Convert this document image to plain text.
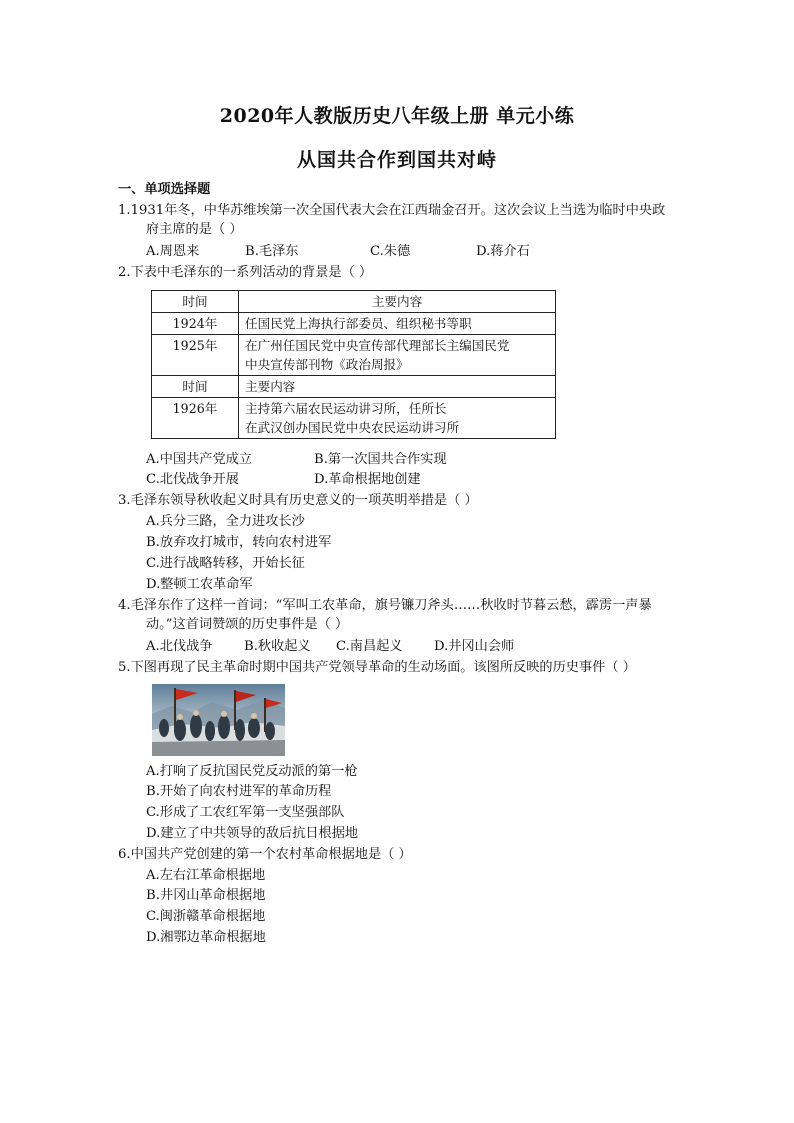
2020年人教版历史八年级上册 单元小练
从国共合作到国共对峙
一、单项选择题
1.1931年冬，中华苏维埃第一次全国代表大会在江西瑞金召开。这次会议上当选为临时中央政
府主席的是（ ）
A.周恩来	B.毛泽东	C.朱德	D.蒋介石
2.下表中毛泽东的一系列活动的背景是（ ）
时间	主要内容
1924年	任国民党上海执行部委员、组织秘书等职

1925年	在广州任国民党中央宣传部代理部长主编国民党
中央宣传部刊物《政治周报》

时间	主要内容

1926年	主持第六届农民运动讲习所，任所长
在武汉创办国民党中央农民运动讲习所
A.中国共产党成立	B.第一次国共合作实现
C.北伐战争开展	D.革命根据地创建
3.毛泽东领导秋收起义时具有历史意义的一项英明举措是（ ）
A.兵分三路，全力进攻长沙
B.放弃攻打城市，转向农村进军
C.进行战略转移，开始长征
D.整顿工农革命军
4.毛泽东作了这样一首词：“军叫工农革命，旗号镰刀斧头……秋收时节暮云愁，霹雳一声暴
动。”这首词赞颂的历史事件是（ ）
A.北伐战争 B.秋收起义 C.南昌起义 D.井冈山会师
5.下图再现了民主革命时期中国共产党领导革命的生动场面。该图所反映的历史事件（ ）
A.打响了反抗国民党反动派的第一枪
B.开始了向农村进军的革命历程
C.形成了工农红军第一支坚强部队
D.建立了中共领导的敌后抗日根据地
6.中国共产党创建的第一个农村革命根据地是（ ）
A.左右江革命根据地
B.井冈山革命根据地
C.闽浙赣革命根据地
D.湘鄂边革命根据地
